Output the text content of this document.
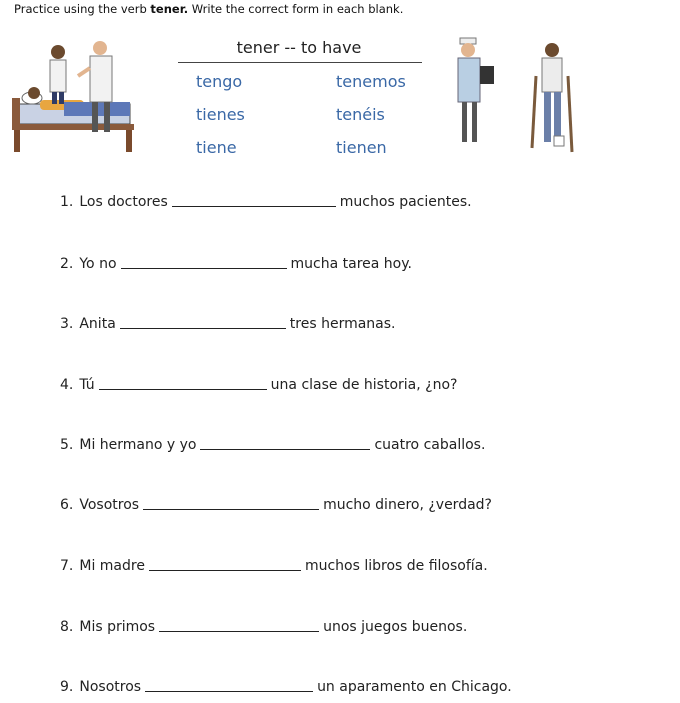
Practice using the verb tener. Write the correct form in each blank.
tener -- to have
tengo	tenemos
tienes	tenéis
tiene	tienen
1. Los doctores	muchos pacientes.
2. Yo no	mucha tarea hoy.
3. Anita	tres hermanas.
4. Tú	una clase de historia, ¿no?
5. Mi hermano y yo	cuatro caballos.
6. Vosotros	mucho dinero, ¿verdad?
7. Mi madre	muchos libros de filosofía.
8. Mis primos	unos juegos buenos.
9. Nosotros	un aparamento en Chicago.
